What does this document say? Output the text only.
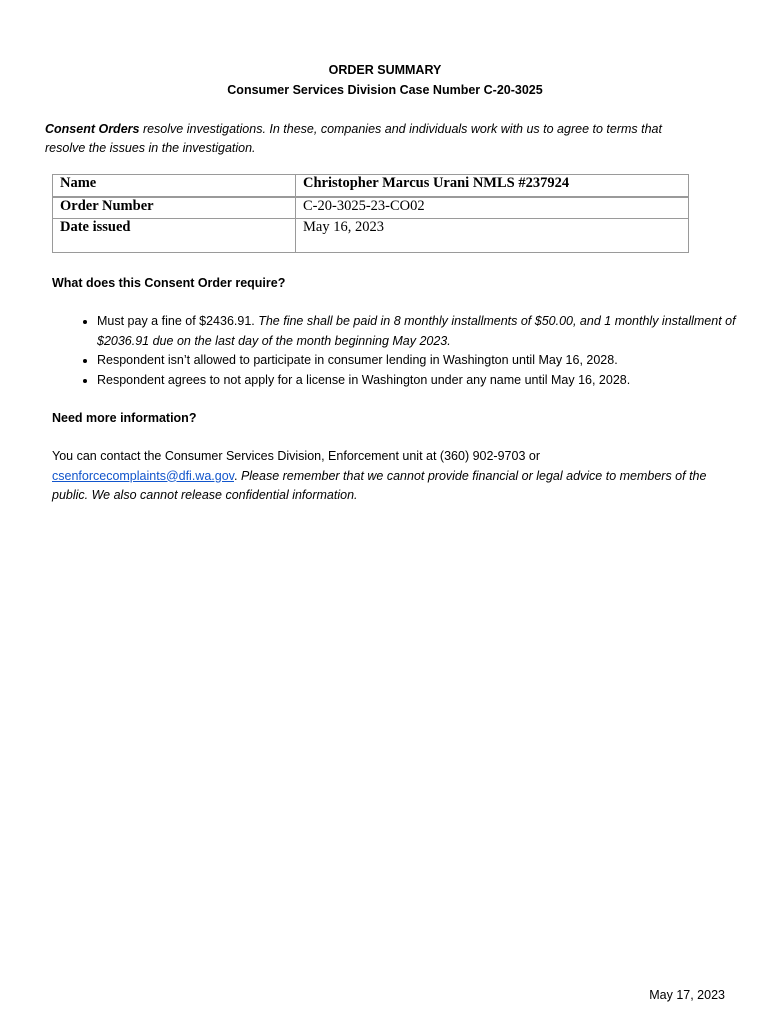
ORDER SUMMARY
Consumer Services Division Case Number C-20-3025
Consent Orders resolve investigations. In these, companies and individuals work with us to agree to terms that
resolve the issues in the investigation.
Name	Christopher Marcus Urani NMLS #237924
Order Number	C-20-3025-23-CO02
Date issued	May 16, 2023
What does this Consent Order require?
• Must pay a fine of $2436.91. The fine shall be paid in 8 monthly installments of $50.00, and 1 monthly installment of $2036.91 due on the last day of the month beginning May 2023.
• Respondent isn’t allowed to participate in consumer lending in Washington until May 16, 2028.
• Respondent agrees to not apply for a license in Washington under any name until May 16, 2028.
Need more information?
You can contact the Consumer Services Division, Enforcement unit at (360) 902-9703 or
csenforcecomplaints@dfi.wa.gov. Please remember that we cannot provide financial or legal advice to members of the public. We also cannot release confidential information.
May 17, 2023
